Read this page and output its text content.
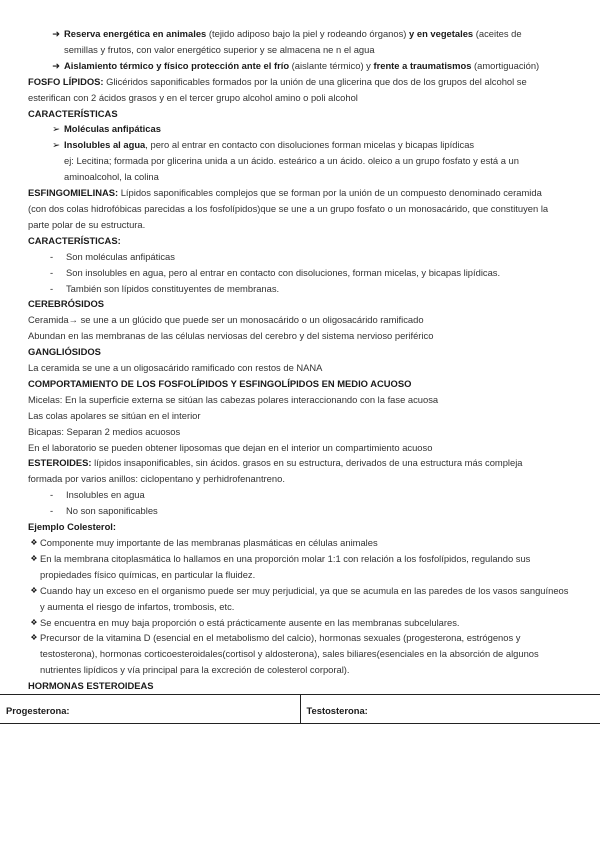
➜ Reserva energética en animales (tejido adiposo bajo la piel y rodeando órganos) y en vegetales (aceites de
semillas y frutos, con valor energético superior y se almacena ne n el agua
➜ Aislamiento térmico y físico protección ante el frío (aislante térmico) y frente a traumatismos (amortiguación)
FOSFO LÍPIDOS: Glicéridos saponificables formados por la unión de una glicerina que dos de los grupos del alcohol se
esterifican con 2 ácidos grasos y en el tercer grupo alcohol amino o poli alcohol
CARACTERÍSTICAS
➢ Moléculas anfipáticas
➢ Insolubles al agua, pero al entrar en contacto con disoluciones forman micelas y bicapas lipídicas
ej: Lecitina; formada por glicerina unida a un ácido. esteárico a un ácido. oleico a un grupo fosfato y está a un
aminoalcohol, la colina
ESFINGOMIELINAS: Lípidos saponificables complejos que se forman por la unión de un compuesto denominado ceramida
(con dos colas hidrofóbicas parecidas a los fosfolípidos)que se une a un grupo fosfato o un monosacárido, que constituyen la
parte polar de su estructura.
CARACTERÍSTICAS:
-	Son moléculas anfipáticas
-	Son insolubles en agua, pero al entrar en contacto con disoluciones, forman micelas, y bicapas lipídicas.
-	También son lípidos constituyentes de membranas.
CEREBRÓSIDOS
Ceramida→ se une a un glúcido que puede ser un monosacárido o un oligosacárido ramificado
Abundan en las membranas de las células nerviosas del cerebro y del sistema nervioso periférico
GANGLIÓSIDOS
La ceramida se une a un oligosacárido ramificado con restos de NANA
COMPORTAMIENTO DE LOS FOSFOLÍPIDOS Y ESFINGOLÍPIDOS EN MEDIO ACUOSO
Micelas: En la superficie externa se sitúan las cabezas polares interaccionando con la fase acuosa
Las colas apolares se sitúan en el interior
Bicapas: Separan 2 medios acuosos
En el laboratorio se pueden obtener liposomas que dejan en el interior un compartimiento acuoso
ESTEROIDES: lípidos insaponificables, sin ácidos. grasos en su estructura, derivados de una estructura más compleja
formada por varios anillos: ciclopentano y perhidrofenantreno.
-	Insolubles en agua
-	No son saponificables
Ejemplo Colesterol:
❖ Componente muy importante de las membranas plasmáticas en células animales
❖ En la membrana citoplasmática lo hallamos en una proporción molar 1:1 con relación a los fosfolípidos, regulando sus
propiedades físico químicas, en particular la fluidez.
❖ Cuando hay un exceso en el organismo puede ser muy perjudicial, ya que se acumula en las paredes de los vasos sanguíneos
y aumenta el riesgo de infartos, trombosis, etc.
❖ Se encuentra en muy baja proporción o está prácticamente ausente en las membranas subcelulares.
❖ Precursor de la vitamina D (esencial en el metabolismo del calcio), hormonas sexuales (progesterona, estrógenos y
testosterona), hormonas corticoesteroidales(cortisol y aldosterona), sales biliares(esenciales en la absorción de algunos
nutrientes lipídicos y vía principal para la excreción de colesterol corporal).
HORMONAS ESTEROIDEAS
Progesterona:	Testosterona:
